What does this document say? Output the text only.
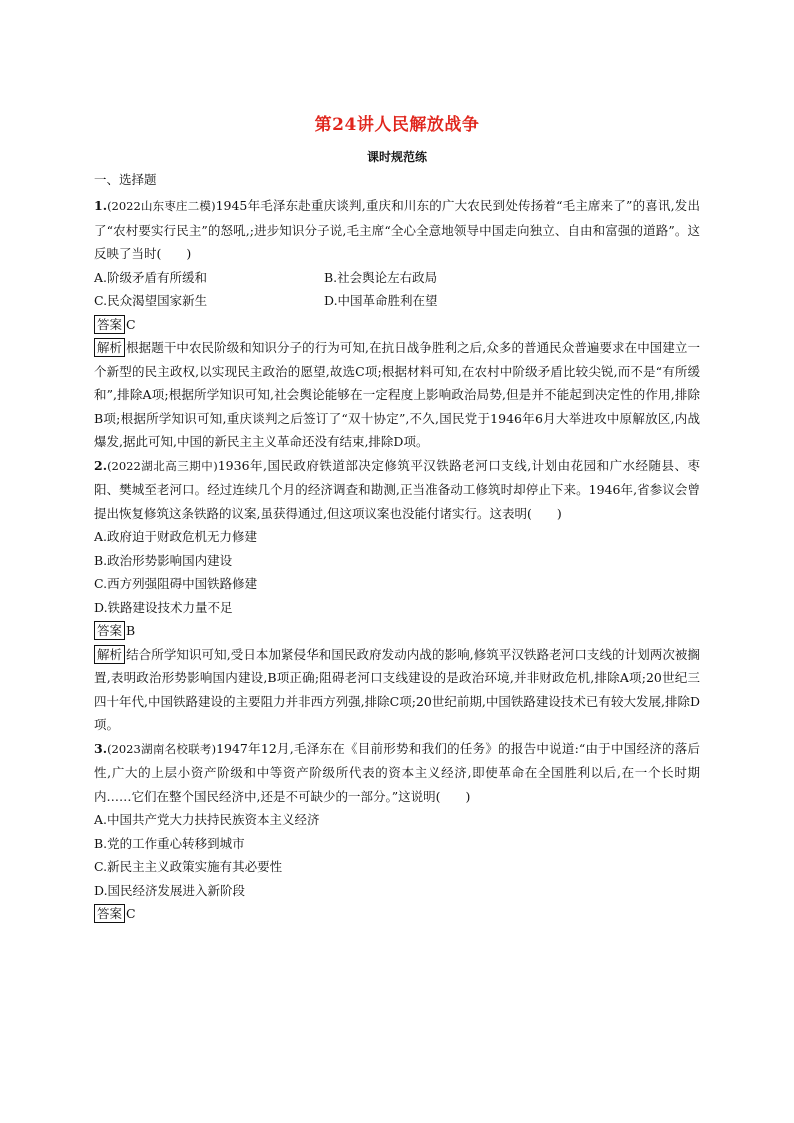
第24讲人民解放战争
课时规范练
一、选择题

1.(2022山东枣庄二模)1945年毛泽东赴重庆谈判,重庆和川东的广大农民到处传扬着“毛主席来了”的喜讯,发出了“农村要实行民主”的怒吼,;进步知识分子说,毛主席“全心全意地领导中国走向独立、自由和富强的道路”。这反映了当时(　　)

A.阶级矛盾有所缓和	B.社会舆论左右政局

C.民众渴望国家新生	D.中国革命胜利在望

答案 C

解析 根据题干中农民阶级和知识分子的行为可知,在抗日战争胜利之后,众多的普通民众普遍要求在中国建立一个新型的民主政权,以实现民主政治的愿望,故选C项;根据材料可知,在农村中阶级矛盾比较尖锐,而不是“有所缓和”,排除A项;根据所学知识可知,社会舆论能够在一定程度上影响政治局势,但是并不能起到决定性的作用,排除B项;根据所学知识可知,重庆谈判之后签订了“双十协定”,不久,国民党于1946年6月大举进攻中原解放区,内战爆发,据此可知,中国的新民主主义革命还没有结束,排除D项。

2.(2022湖北高三期中)1936年,国民政府铁道部决定修筑平汉铁路老河口支线,计划由花园和广水经随县、枣阳、樊城至老河口。经过连续几个月的经济调查和勘测,正当准备动工修筑时却停止下来。1946年,省参议会曾提出恢复修筑这条铁路的议案,虽获得通过,但这项议案也没能付诸实行。这表明(　　)

A.政府迫于财政危机无力修建

B.政治形势影响国内建设

C.西方列强阻碍中国铁路修建

D.铁路建设技术力量不足

答案 B

解析 结合所学知识可知,受日本加紧侵华和国民政府发动内战的影响,修筑平汉铁路老河口支线的计划两次被搁置,表明政治形势影响国内建设,B项正确;阻碍老河口支线建设的是政治环境,并非财政危机,排除A项;20世纪三四十年代,中国铁路建设的主要阻力并非西方列强,排除C项;20世纪前期,中国铁路建设技术已有较大发展,排除D项。

3.(2023湖南名校联考)1947年12月,毛泽东在《目前形势和我们的任务》的报告中说道:“由于中国经济的落后性,广大的上层小资产阶级和中等资产阶级所代表的资本主义经济,即使革命在全国胜利以后,在一个长时期内……它们在整个国民经济中,还是不可缺少的一部分。”这说明(　　)

A.中国共产党大力扶持民族资本主义经济

B.党的工作重心转移到城市

C.新民主主义政策实施有其必要性

D.国民经济发展进入新阶段

答案 C
